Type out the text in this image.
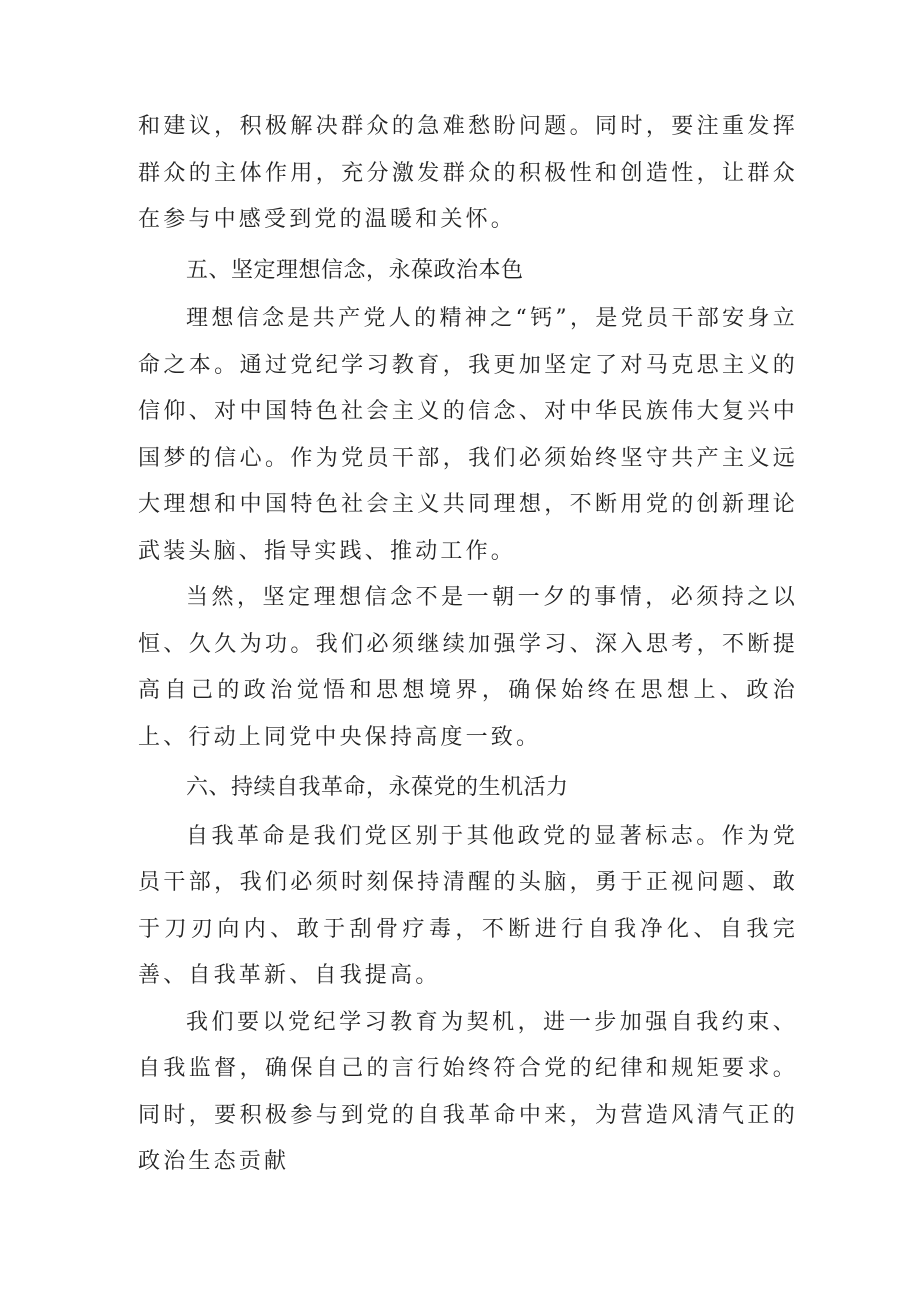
和建议，积极解决群众的急难愁盼问题。同时，要注重发挥群众的主体作用，充分激发群众的积极性和创造性，让群众在参与中感受到党的温暖和关怀。

五、坚定理想信念，永葆政治本色

理想信念是共产党人的精神之“钙”，是党员干部安身立命之本。通过党纪学习教育，我更加坚定了对马克思主义的信仰、对中国特色社会主义的信念、对中华民族伟大复兴中国梦的信心。作为党员干部，我们必须始终坚守共产主义远大理想和中国特色社会主义共同理想，不断用党的创新理论武装头脑、指导实践、推动工作。

当然，坚定理想信念不是一朝一夕的事情，必须持之以恒、久久为功。我们必须继续加强学习、深入思考，不断提高自己的政治觉悟和思想境界，确保始终在思想上、政治上、行动上同党中央保持高度一致。

六、持续自我革命，永葆党的生机活力

自我革命是我们党区别于其他政党的显著标志。作为党员干部，我们必须时刻保持清醒的头脑，勇于正视问题、敢于刀刃向内、敢于刮骨疗毒，不断进行自我净化、自我完善、自我革新、自我提高。

我们要以党纪学习教育为契机，进一步加强自我约束、自我监督，确保自己的言行始终符合党的纪律和规矩要求。同时，要积极参与到党的自我革命中来，为营造风清气正的政治生态贡献
